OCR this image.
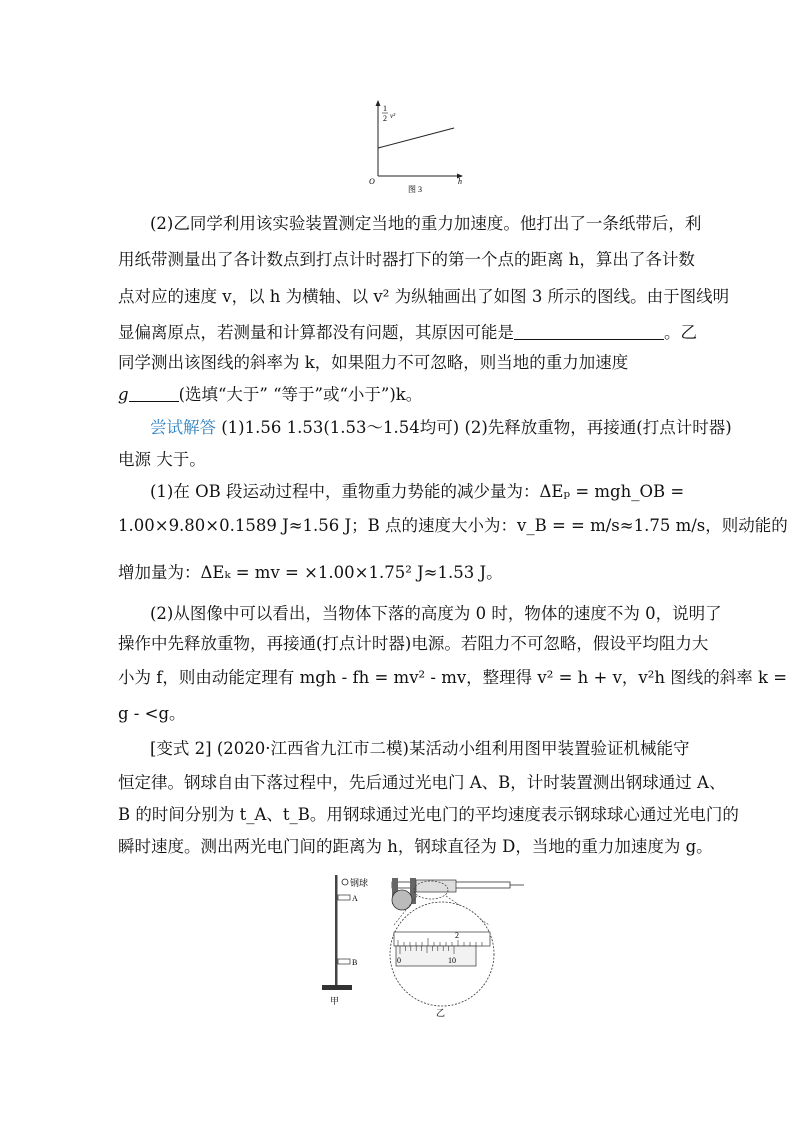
1
2 v²
O	h
图 3
(2)乙同学利用该实验装置测定当地的重力加速度。他打出了一条纸带后，利
用纸带测量出了各计数点到打点计时器打下的第一个点的距离 h，算出了各计数
点对应的速度 v，以 h 为横轴、以 v² 为纵轴画出了如图 3 所示的图线。由于图线明
显偏离原点，若测量和计算都没有问题，其原因可能是	。乙
同学测出该图线的斜率为 k，如果阻力不可忽略，则当地的重力加速度
g	(选填“大于” “等于”或“小于”)k。
尝试解答 (1)1.56 1.53(1.53～1.54均可) (2)先释放重物，再接通(打点计时器)
电源 大于。
(1)在 OB 段运动过程中，重物重力势能的减少量为：ΔEₚ = mgh_OB =
1.00×9.80×0.1589 J≈1.56 J；B 点的速度大小为：v_B = = m/s≈1.75 m/s，则动能的
增加量为：ΔEₖ = mv = ×1.00×1.75² J≈1.53 J。
(2)从图像中可以看出，当物体下落的高度为 0 时，物体的速度不为 0，说明了
操作中先释放重物，再接通(打点计时器)电源。若阻力不可忽略，假设平均阻力大
小为 f，则由动能定理有 mgh - fh = mv² - mv，整理得 v² = h + v，v²h 图线的斜率 k =
g - <g。
[变式 2] (2020·江西省九江市二模)某活动小组利用图甲装置验证机械能守
恒定律。钢球自由下落过程中，先后通过光电门 A、B，计时装置测出钢球通过 A、
B 的时间分别为 t_A、t_B。用钢球通过光电门的平均速度表示钢球球心通过光电门的
瞬时速度。测出两光电门间的距离为 h，钢球直径为 D，当地的重力加速度为 g。
钢球
A
B
甲
2
0	10
乙
